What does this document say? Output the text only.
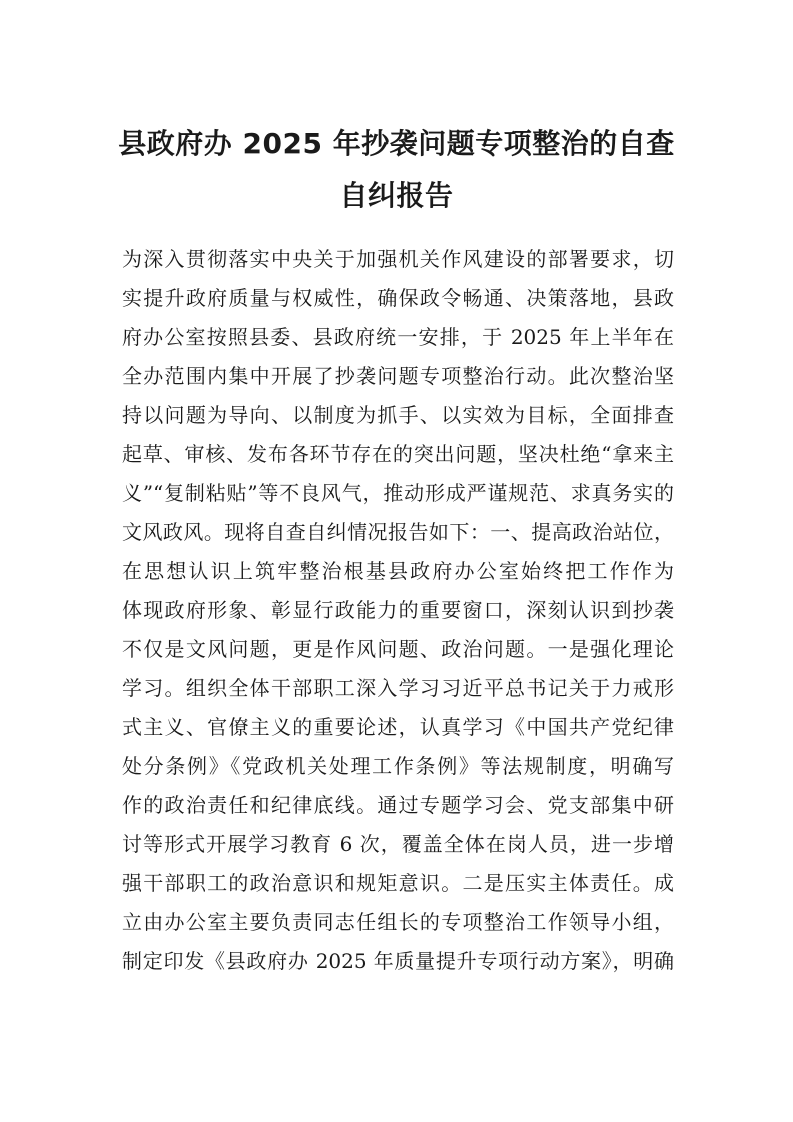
县政府办 2025 年抄袭问题专项整治的自查
自纠报告
为深入贯彻落实中央关于加强机关作风建设的部署要求，切
实提升政府质量与权威性，确保政令畅通、决策落地，县政
府办公室按照县委、县政府统一安排，于 2025 年上半年在
全办范围内集中开展了抄袭问题专项整治行动。此次整治坚
持以问题为导向、以制度为抓手、以实效为目标，全面排查
起草、审核、发布各环节存在的突出问题，坚决杜绝“拿来主
义”“复制粘贴”等不良风气，推动形成严谨规范、求真务实的
文风政风。现将自查自纠情况报告如下：一、提高政治站位，
在思想认识上筑牢整治根基县政府办公室始终把工作作为
体现政府形象、彰显行政能力的重要窗口，深刻认识到抄袭
不仅是文风问题，更是作风问题、政治问题。一是强化理论
学习。组织全体干部职工深入学习习近平总书记关于力戒形
式主义、官僚主义的重要论述，认真学习《中国共产党纪律
处分条例》《党政机关处理工作条例》等法规制度，明确写
作的政治责任和纪律底线。通过专题学习会、党支部集中研
讨等形式开展学习教育 6 次，覆盖全体在岗人员，进一步增
强干部职工的政治意识和规矩意识。二是压实主体责任。成
立由办公室主要负责同志任组长的专项整治工作领导小组，
制定印发《县政府办 2025 年质量提升专项行动方案》，明确
